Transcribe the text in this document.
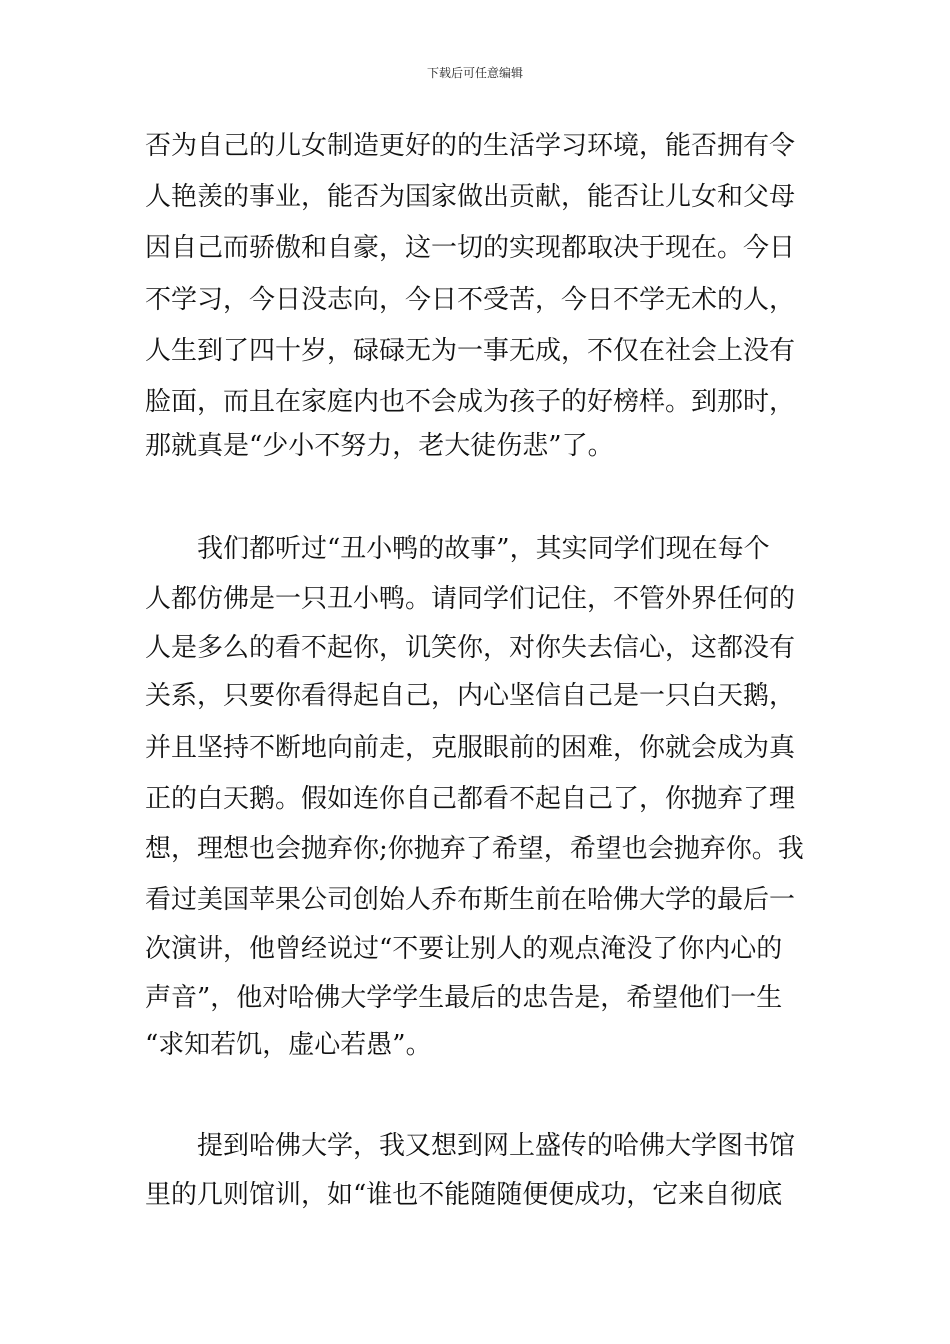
下载后可任意编辑
否为自己的儿女制造更好的的生活学习环境，能否拥有令
人艳羡的事业，能否为国家做出贡献，能否让儿女和父母
因自己而骄傲和自豪，这一切的实现都取决于现在。今日
不学习，今日没志向，今日不受苦，今日不学无术的人，
人生到了四十岁，碌碌无为一事无成，不仅在社会上没有
脸面，而且在家庭内也不会成为孩子的好榜样。到那时，
那就真是“少小不努力，老大徒伤悲”了。
我们都听过“丑小鸭的故事”，其实同学们现在每个
人都仿佛是一只丑小鸭。请同学们记住，不管外界任何的
人是多么的看不起你，讥笑你，对你失去信心，这都没有
关系，只要你看得起自己，内心坚信自己是一只白天鹅，
并且坚持不断地向前走，克服眼前的困难，你就会成为真
正的白天鹅。假如连你自己都看不起自己了，你抛弃了理
想，理想也会抛弃你;你抛弃了希望，希望也会抛弃你。我
看过美国苹果公司创始人乔布斯生前在哈佛大学的最后一
次演讲，他曾经说过“不要让别人的观点淹没了你内心的
声音”，他对哈佛大学学生最后的忠告是，希望他们一生
“求知若饥，虚心若愚”。
提到哈佛大学，我又想到网上盛传的哈佛大学图书馆
里的几则馆训，如“谁也不能随随便便成功，它来自彻底
